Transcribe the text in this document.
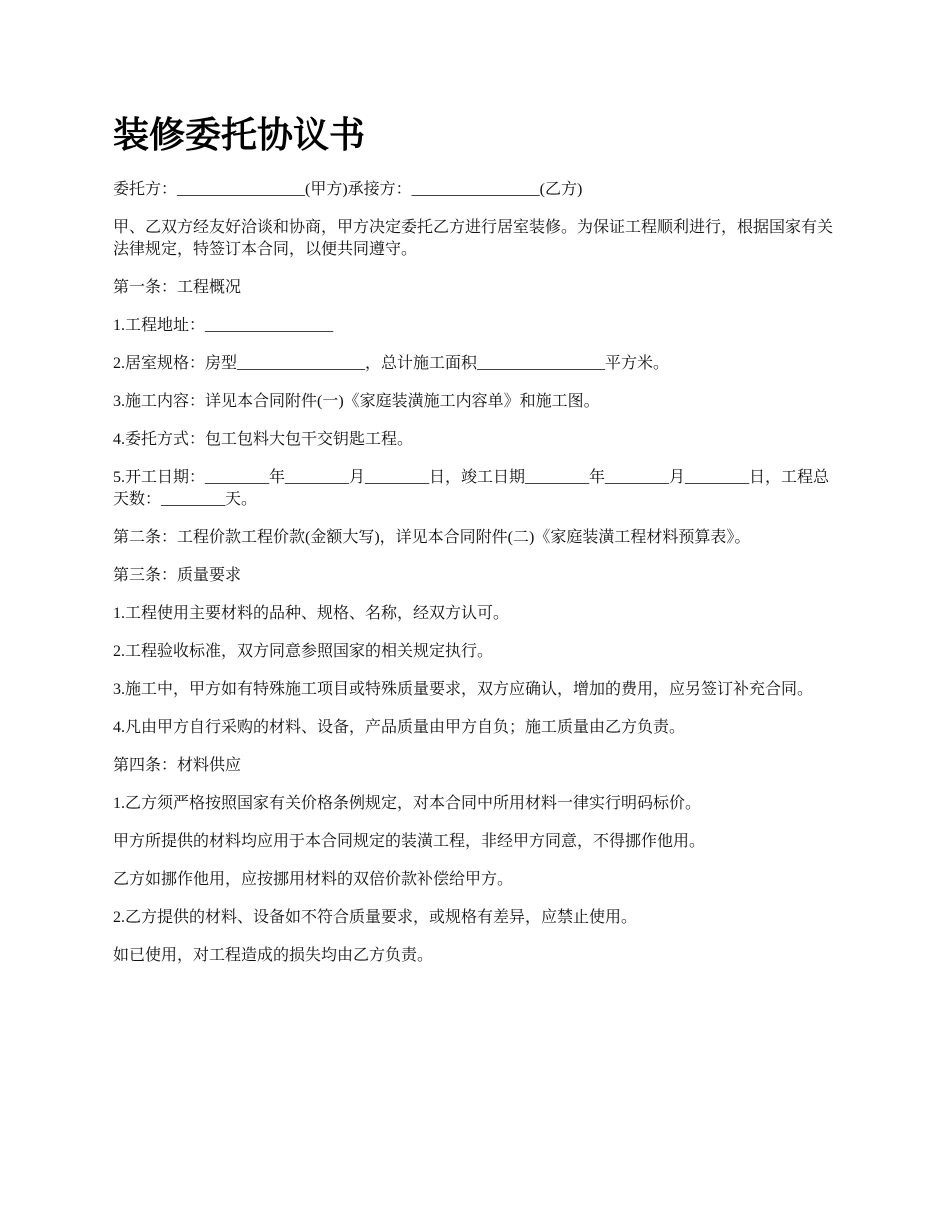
装修委托协议书

委托方：________________(甲方)承接方：________________(乙方)

甲、乙双方经友好洽谈和协商，甲方决定委托乙方进行居室装修。为保证工程顺利进行，根据国家有关法律规定，特签订本合同，以便共同遵守。

第一条：工程概况

1.工程地址：________________

2.居室规格：房型________________，总计施工面积________________平方米。

3.施工内容：详见本合同附件(一)《家庭装潢施工内容单》和施工图。

4.委托方式：包工包料大包干交钥匙工程。

5.开工日期：________年________月________日，竣工日期________年________月________日，工程总天数：________天。

第二条：工程价款工程价款(金额大写)，详见本合同附件(二)《家庭装潢工程材料预算表》。

第三条：质量要求

1.工程使用主要材料的品种、规格、名称，经双方认可。

2.工程验收标准，双方同意参照国家的相关规定执行。

3.施工中，甲方如有特殊施工项目或特殊质量要求，双方应确认，增加的费用，应另签订补充合同。

4.凡由甲方自行采购的材料、设备，产品质量由甲方自负；施工质量由乙方负责。

第四条：材料供应

1.乙方须严格按照国家有关价格条例规定，对本合同中所用材料一律实行明码标价。

甲方所提供的材料均应用于本合同规定的装潢工程，非经甲方同意，不得挪作他用。

乙方如挪作他用，应按挪用材料的双倍价款补偿给甲方。

2.乙方提供的材料、设备如不符合质量要求，或规格有差异，应禁止使用。

如已使用，对工程造成的损失均由乙方负责。
